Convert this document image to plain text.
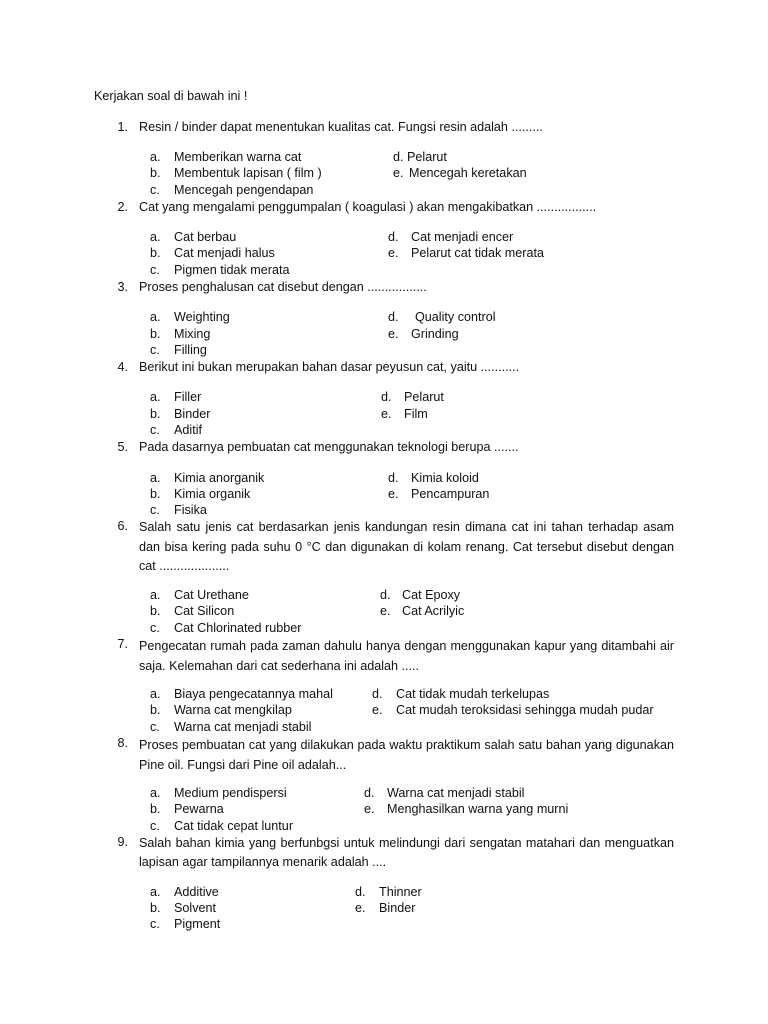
Kerjakan soal di bawah ini !
1. Resin / binder dapat menentukan kualitas cat. Fungsi resin adalah .........
a. Memberikan warna cat
b. Membentuk lapisan ( film )
c. Mencegah pengendapan
d. Pelarut
e. Mencegah keretakan
2. Cat yang mengalami penggumpalan ( koagulasi ) akan mengakibatkan .................
a. Cat berbau
b. Cat menjadi halus
c. Pigmen tidak merata
d. Cat menjadi encer
e. Pelarut cat tidak merata
3. Proses penghalusan cat disebut dengan .................
a. Weighting
b. Mixing
c. Filling
d. Quality control
e. Grinding
4. Berikut ini bukan merupakan bahan dasar peyusun cat, yaitu ...........
a. Filler
b. Binder
c. Aditif
d. Pelarut
e. Film
5. Pada dasarnya pembuatan cat menggunakan teknologi berupa .......
a. Kimia anorganik
b. Kimia organik
c. Fisika
d. Kimia koloid
e. Pencampuran
6. Salah satu jenis cat berdasarkan jenis kandungan resin dimana cat ini tahan terhadap asam dan bisa kering pada suhu 0 °C dan digunakan di kolam renang. Cat tersebut disebut dengan cat ....................
a. Cat Urethane
b. Cat Silicon
c. Cat Chlorinated rubber
d. Cat Epoxy
e. Cat Acrilyic
7. Pengecatan rumah pada zaman dahulu hanya dengan menggunakan kapur yang ditambahi air saja. Kelemahan dari cat sederhana ini adalah .....
a. Biaya pengecatannya mahal
b. Warna cat mengkilap
c. Warna cat menjadi stabil
d. Cat tidak mudah terkelupas
e. Cat mudah teroksidasi sehingga mudah pudar
8. Proses pembuatan cat yang dilakukan pada waktu praktikum salah satu bahan yang digunakan Pine oil. Fungsi dari Pine oil adalah...
a. Medium pendispersi
b. Pewarna
c. Cat tidak cepat luntur
d. Warna cat menjadi stabil
e. Menghasilkan warna yang murni
9. Salah bahan kimia yang berfunbgsi untuk melindungi dari sengatan matahari dan menguatkan lapisan agar tampilannya menarik adalah ....
a. Additive
b. Solvent
c. Pigment
d. Thinner
e. Binder
